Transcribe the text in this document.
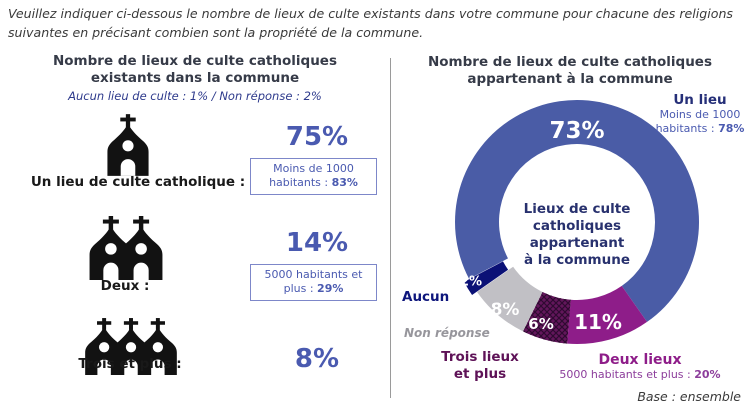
Veuillez indiquer ci-dessous le nombre de lieux de culte existants dans votre commune pour chacune des religions
suivantes en précisant combien sont la propriété de la commune.
Nombre de lieux de culte catholiques
existants dans la commune
Aucun lieu de culte : 1% / Non réponse : 2%
Un lieu de culte catholique :
75%
Moins de 1000
habitants : 83%
Deux :
14%
5000 habitants et
plus : 29%
Trois et plus :	8%
Nombre de lieux de culte catholiques
appartenant à la commune
73%
11%
6%
8%
2%
Lieux de culte
catholiques
appartenant
à la commune
Un lieu
Moins de 1000
habitants : 78%
Aucun
Non réponse
Trois lieux
et plus
Deux lieux
5000 habitants et plus : 20%
Base : ensemble
